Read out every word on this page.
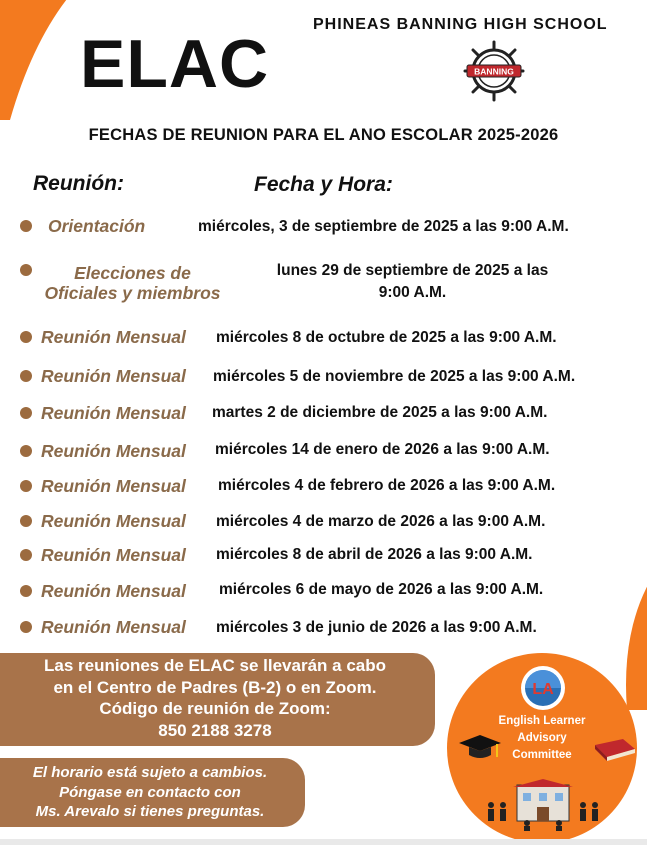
ELAC
PHINEAS BANNING HIGH SCHOOL
BANNING
FECHAS DE REUNION PARA EL ANO ESCOLAR 2025-2026
Reunión:	Fecha y Hora:
Orientación	miércoles, 3 de septiembre de 2025 a las 9:00 A.M.
Elecciones de
Oficiales y miembros
lunes 29 de septiembre de 2025 a las
9:00 A.M.
Reunión Mensual miércoles 8 de octubre de 2025 a las 9:00 A.M.
Reunión Mensual miércoles 5 de noviembre de 2025 a las 9:00 A.M.
Reunión Mensual martes 2 de diciembre de 2025 a las 9:00 A.M.
Reunión Mensual miércoles 14 de enero de 2026 a las 9:00 A.M.
Reunión Mensual miércoles 4 de febrero de 2026 a las 9:00 A.M.
Reunión Mensual miércoles 4 de marzo de 2026 a las 9:00 A.M.
Reunión Mensual miércoles 8 de abril de 2026 a las 9:00 A.M.
Reunión Mensual miércoles 6 de mayo de 2026 a las 9:00 A.M.
Reunión Mensual miércoles 3 de junio de 2026 a las 9:00 A.M.
Las reuniones de ELAC se llevarán a cabo
en el Centro de Padres (B-2) o en Zoom.
Código de reunión de Zoom:
850 2188 3278
El horario está sujeto a cambios.
Póngase en contacto con
Ms. Arevalo si tienes preguntas.
LA
English Learner
Advisory
Committee
